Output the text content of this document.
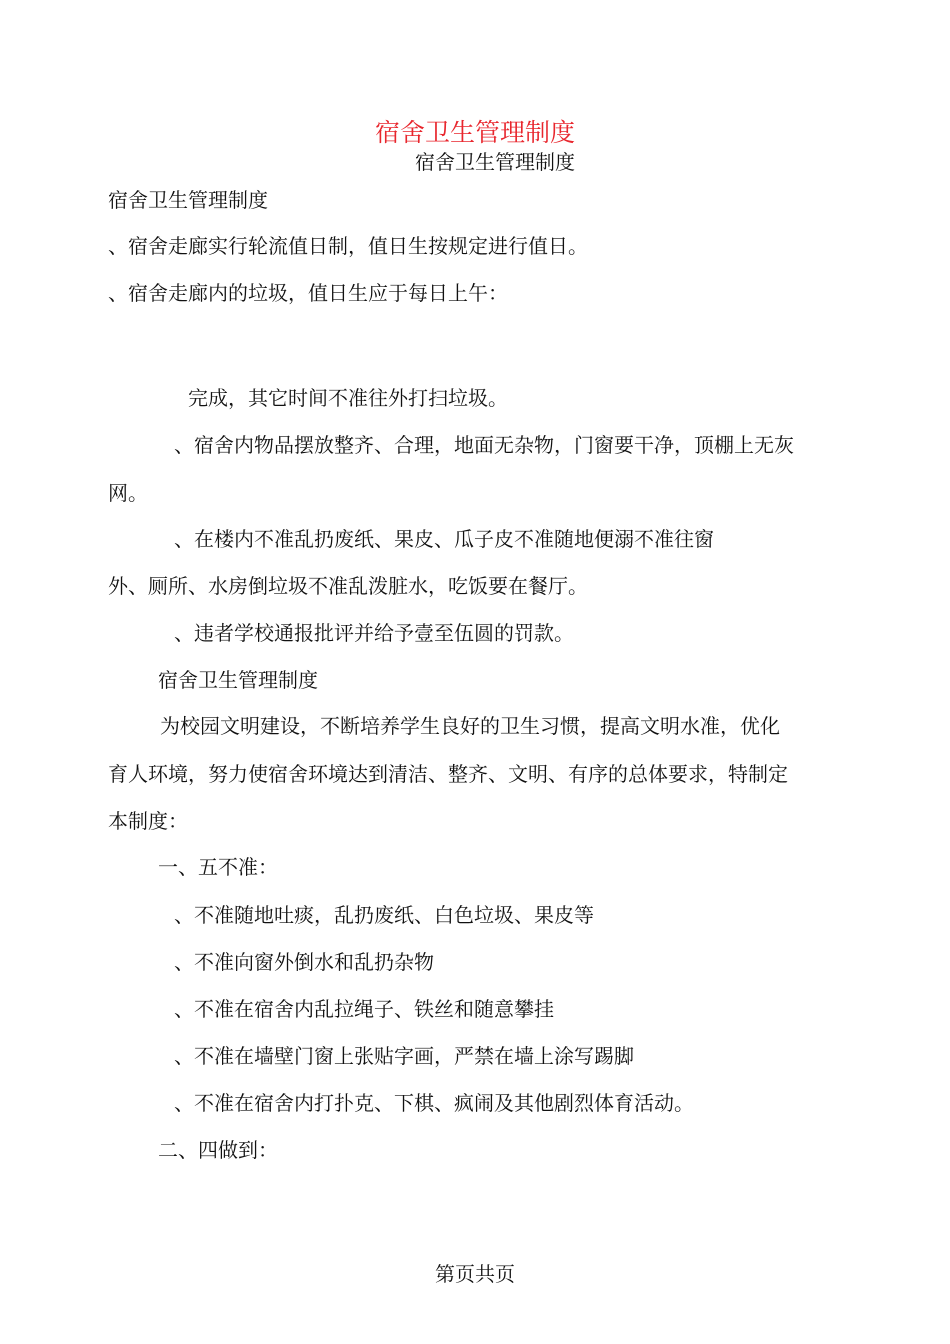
宿舍卫生管理制度
宿舍卫生管理制度
宿舍卫生管理制度
、宿舍走廊实行轮流值日制，值日生按规定进行值日。
、宿舍走廊内的垃圾，值日生应于每日上午：
完成，其它时间不准往外打扫垃圾。
、宿舍内物品摆放整齐、合理，地面无杂物，门窗要干净，顶棚上无灰
网。
、在楼内不准乱扔废纸、果皮、瓜子皮不准随地便溺不准往窗
外、厕所、水房倒垃圾不准乱泼脏水，吃饭要在餐厅。
、违者学校通报批评并给予壹至伍圆的罚款。
宿舍卫生管理制度
为校园文明建设，不断培养学生良好的卫生习惯，提高文明水准，优化
育人环境，努力使宿舍环境达到清洁、整齐、文明、有序的总体要求，特制定
本制度：
一、五不准：
、不准随地吐痰，乱扔废纸、白色垃圾、果皮等
、不准向窗外倒水和乱扔杂物
、不准在宿舍内乱拉绳子、铁丝和随意攀挂
、不准在墙壁门窗上张贴字画，严禁在墙上涂写踢脚
、不准在宿舍内打扑克、下棋、疯闹及其他剧烈体育活动。
二、四做到：
第页共页
